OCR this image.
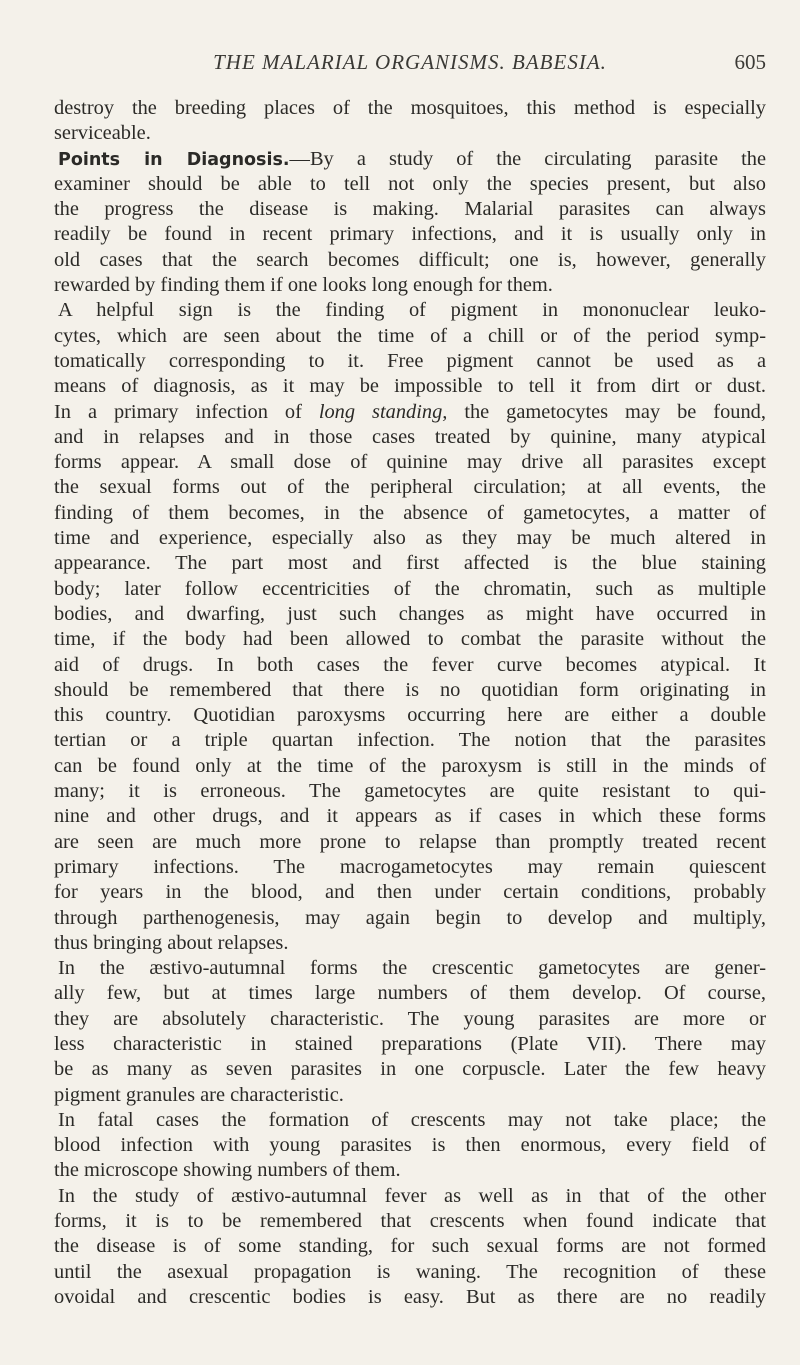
THE MALARIAL ORGANISMS. BABESIA.	605
destroy the breeding places of the mosquitoes, this method is especially
serviceable.
Points in Diagnosis.—By a study of the circulating parasite the
examiner should be able to tell not only the species present, but also
the progress the disease is making. Malarial parasites can always
readily be found in recent primary infections, and it is usually only in
old cases that the search becomes difficult; one is, however, generally
rewarded by finding them if one looks long enough for them.
A helpful sign is the finding of pigment in mononuclear leuko-
cytes, which are seen about the time of a chill or of the period symp-
tomatically corresponding to it. Free pigment cannot be used as a
means of diagnosis, as it may be impossible to tell it from dirt or dust.
In a primary infection of long standing, the gametocytes may be found,
and in relapses and in those cases treated by quinine, many atypical
forms appear. A small dose of quinine may drive all parasites except
the sexual forms out of the peripheral circulation; at all events, the
finding of them becomes, in the absence of gametocytes, a matter of
time and experience, especially also as they may be much altered in
appearance. The part most and first affected is the blue staining
body; later follow eccentricities of the chromatin, such as multiple
bodies, and dwarfing, just such changes as might have occurred in
time, if the body had been allowed to combat the parasite without the
aid of drugs. In both cases the fever curve becomes atypical. It
should be remembered that there is no quotidian form originating in
this country. Quotidian paroxysms occurring here are either a double
tertian or a triple quartan infection. The notion that the parasites
can be found only at the time of the paroxysm is still in the minds of
many; it is erroneous. The gametocytes are quite resistant to qui-
nine and other drugs, and it appears as if cases in which these forms
are seen are much more prone to relapse than promptly treated recent
primary infections. The macrogametocytes may remain quiescent
for years in the blood, and then under certain conditions, probably
through parthenogenesis, may again begin to develop and multiply,
thus bringing about relapses.
In the æstivo-autumnal forms the crescentic gametocytes are gener-
ally few, but at times large numbers of them develop. Of course,
they are absolutely characteristic. The young parasites are more or
less characteristic in stained preparations (Plate VII). There may
be as many as seven parasites in one corpuscle. Later the few heavy
pigment granules are characteristic.
In fatal cases the formation of crescents may not take place; the
blood infection with young parasites is then enormous, every field of
the microscope showing numbers of them.
In the study of æstivo-autumnal fever as well as in that of the other
forms, it is to be remembered that crescents when found indicate that
the disease is of some standing, for such sexual forms are not formed
until the asexual propagation is waning. The recognition of these
ovoidal and crescentic bodies is easy. But as there are no readily
